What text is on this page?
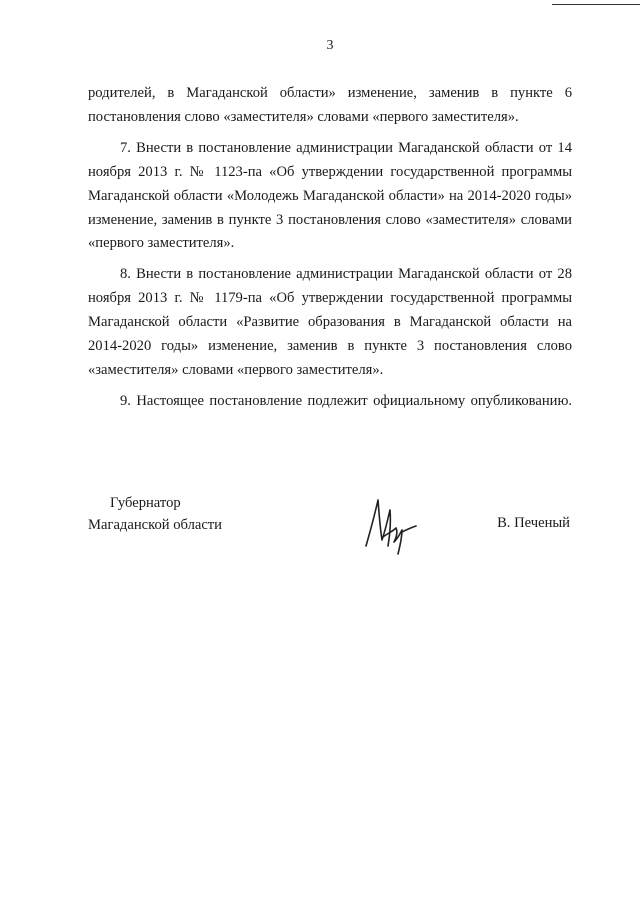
3

родителей, в Магаданской области» изменение, заменив в пункте 6 постановления слово «заместителя» словами «первого заместителя».

7. Внести в постановление администрации Магаданской области от 14 ноября 2013 г. № 1123-па «Об утверждении государственной программы Магаданской области «Молодежь Магаданской области» на 2014-2020 годы» изменение, заменив в пункте 3 постановления слово «заместителя» словами «первого заместителя».

8. Внести в постановление администрации Магаданской области от 28 ноября 2013 г. № 1179-па «Об утверждении государственной программы Магаданской области «Развитие образования в Магаданской области на 2014-2020 годы» изменение, заменив в пункте 3 постановления слово «заместителя» словами «первого заместителя».

9. Настоящее постановление подлежит официальному опубликованию.

Губернатор
Магаданской области	В. Печеный
